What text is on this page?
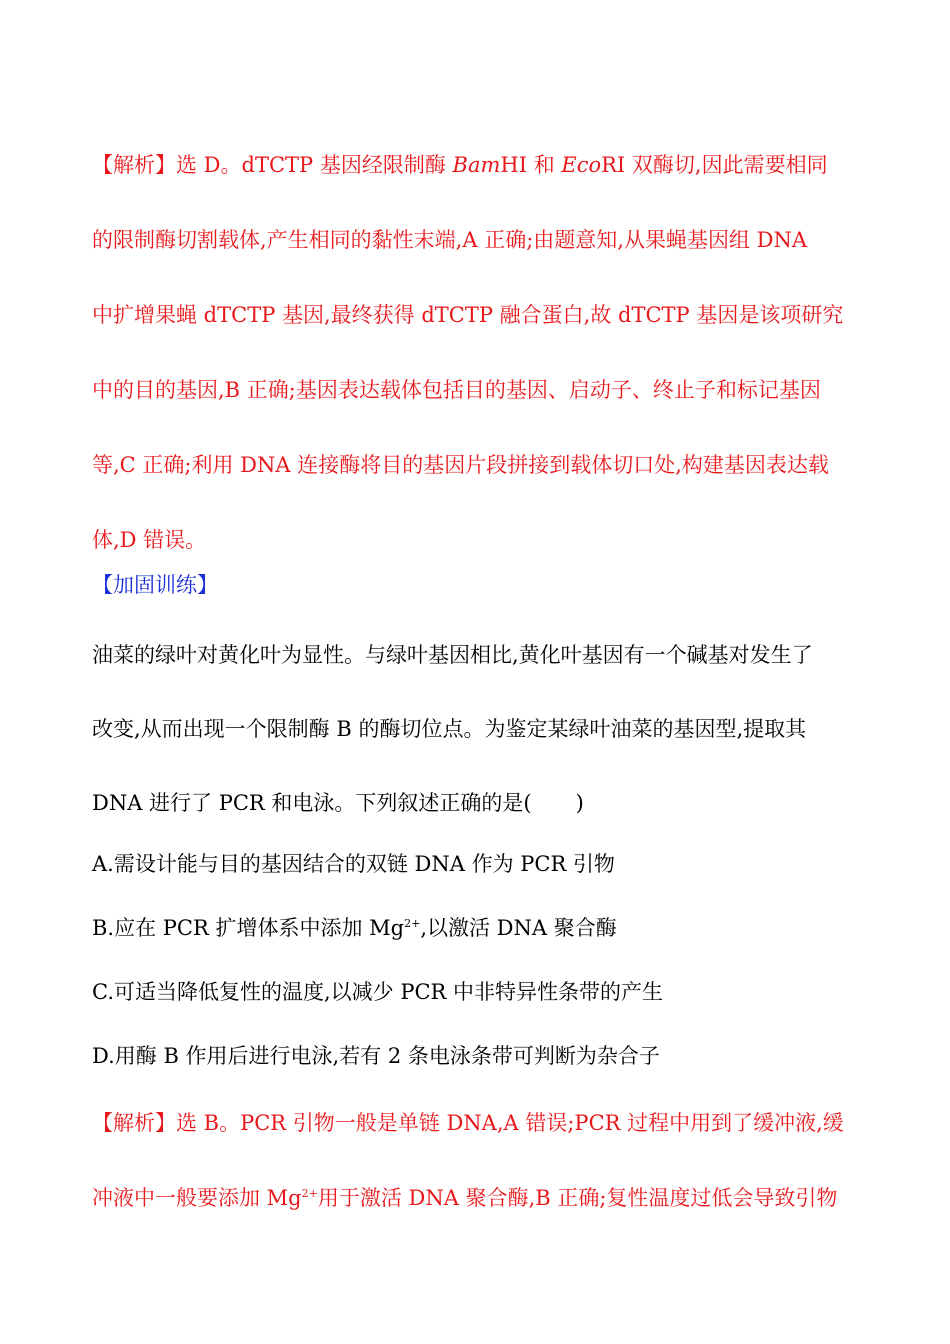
【解析】选 D。dTCTP 基因经限制酶 BamHⅠ 和 EcoRⅠ 双酶切,因此需要相同
的限制酶切割载体,产生相同的黏性末端,A 正确;由题意知,从果蝇基因组 DNA
中扩增果蝇 dTCTP 基因,最终获得 dTCTP 融合蛋白,故 dTCTP 基因是该项研究
中的目的基因,B 正确;基因表达载体包括目的基因、启动子、终止子和标记基因
等,C 正确;利用 DNA 连接酶将目的基因片段拼接到载体切口处,构建基因表达载
体,D 错误。
【加固训练】
油菜的绿叶对黄化叶为显性。与绿叶基因相比,黄化叶基因有一个碱基对发生了
改变,从而出现一个限制酶 B 的酶切位点。为鉴定某绿叶油菜的基因型,提取其
DNA 进行了 PCR 和电泳。下列叙述正确的是( )
A.需设计能与目的基因结合的双链 DNA 作为 PCR 引物
B.应在 PCR 扩增体系中添加 $Mg^{2+}$,以激活 DNA 聚合酶
C.可适当降低复性的温度,以减少 PCR 中非特异性条带的产生
D.用酶 B 作用后进行电泳,若有 2 条电泳条带可判断为杂合子
【解析】选 B。PCR 引物一般是单链 DNA,A 错误;PCR 过程中用到了缓冲液,缓
冲液中一般要添加 $Mg^{2+}$用于激活 DNA 聚合酶,B 正确;复性温度过低会导致引物
